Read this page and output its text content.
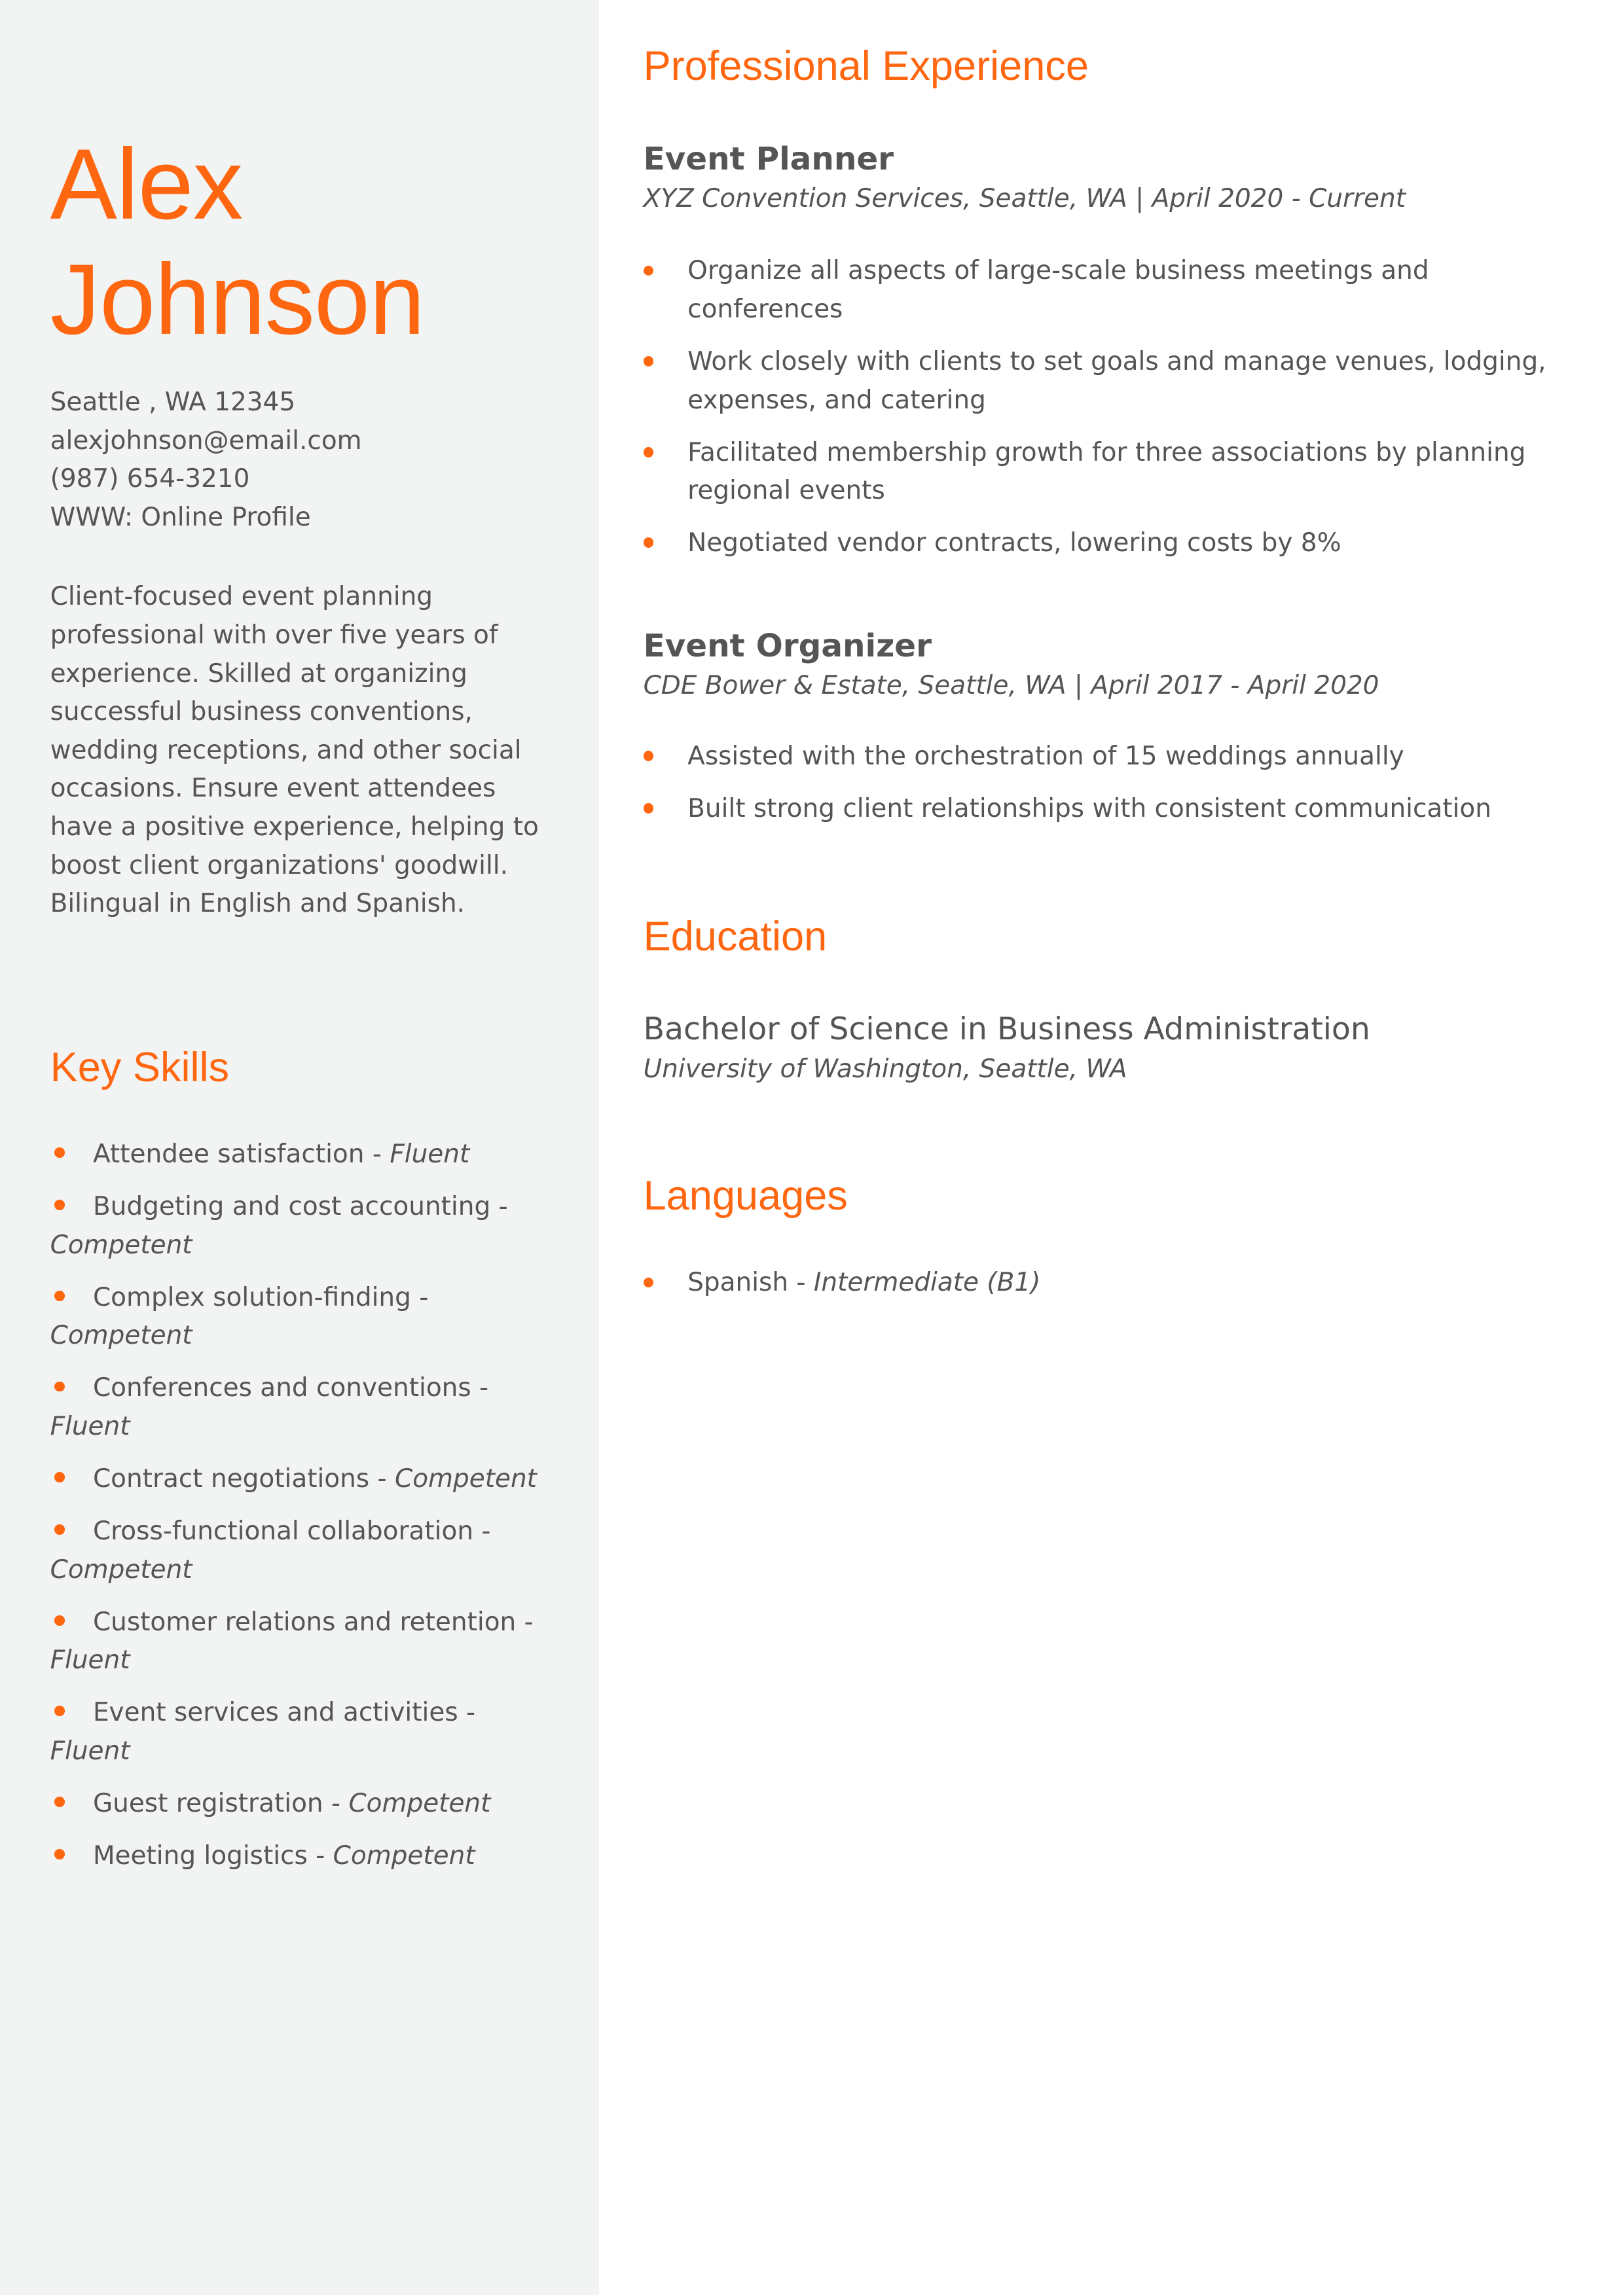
Alex
Johnson
Seattle , WA 12345
alexjohnson@email.com
(987) 654-3210
WWW: Online Profile
Client-focused event planning professional with over five years of experience. Skilled at organizing successful business conventions, wedding receptions, and other social occasions. Ensure event attendees have a positive experience, helping to boost client organizations' goodwill. Bilingual in English and Spanish.
Key Skills
Attendee satisfaction - Fluent
Budgeting and cost accounting - Competent
Complex solution-finding - Competent
Conferences and conventions - Fluent
Contract negotiations - Competent
Cross-functional collaboration - Competent
Customer relations and retention - Fluent
Event services and activities - Fluent
Guest registration - Competent
Meeting logistics - Competent
Professional Experience
Event Planner
XYZ Convention Services, Seattle, WA | April 2020 - Current
Organize all aspects of large-scale business meetings and conferences
Work closely with clients to set goals and manage venues, lodging, expenses, and catering
Facilitated membership growth for three associations by planning regional events
Negotiated vendor contracts, lowering costs by 8%
Event Organizer
CDE Bower & Estate, Seattle, WA | April 2017 - April 2020
Assisted with the orchestration of 15 weddings annually
Built strong client relationships with consistent communication
Education
Bachelor of Science in Business Administration
University of Washington, Seattle, WA
Languages
Spanish - Intermediate (B1)
